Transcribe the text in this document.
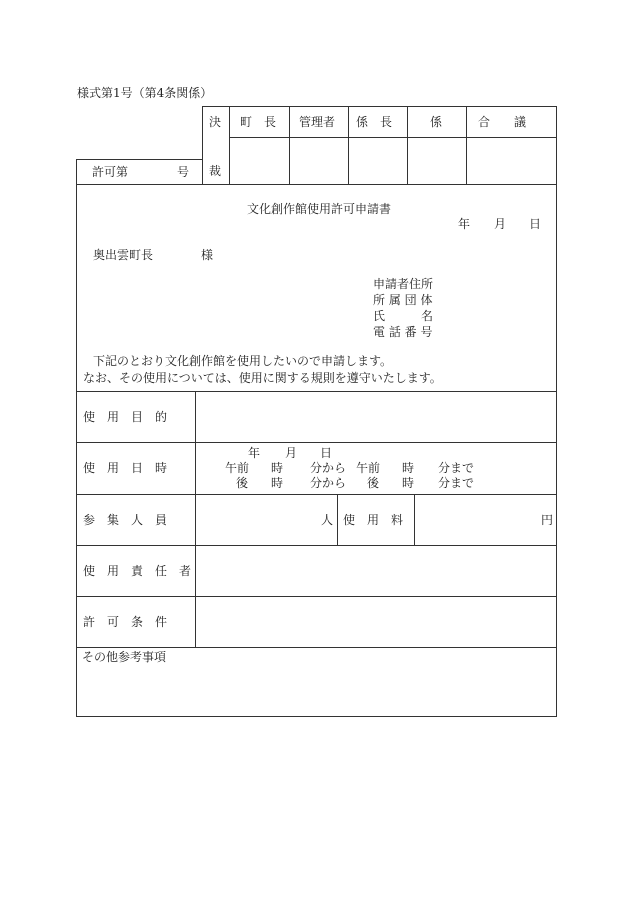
様式第1号（第4条関係）
決
裁
町　長 管理者 係　長	係	合　　議
許可第	号
文化創作館使用許可申請書
年 月 日
奥出雲町長	様
申請者住所
所 属 団 体
氏　　　名
電 話 番 号
下記のとおり文化創作館を使用したいので申請します。
なお、その使用については、使用に関する規則を遵守いたします。
使　用　目　的
使　用　日　時
年 月 日
午前 時 分から 午前 時 分まで
後 時 分から 後 時 分まで
参　集　人　員	人 使　用　料	円
使　用　責　任　者
許　可　条　件
その他参考事項
